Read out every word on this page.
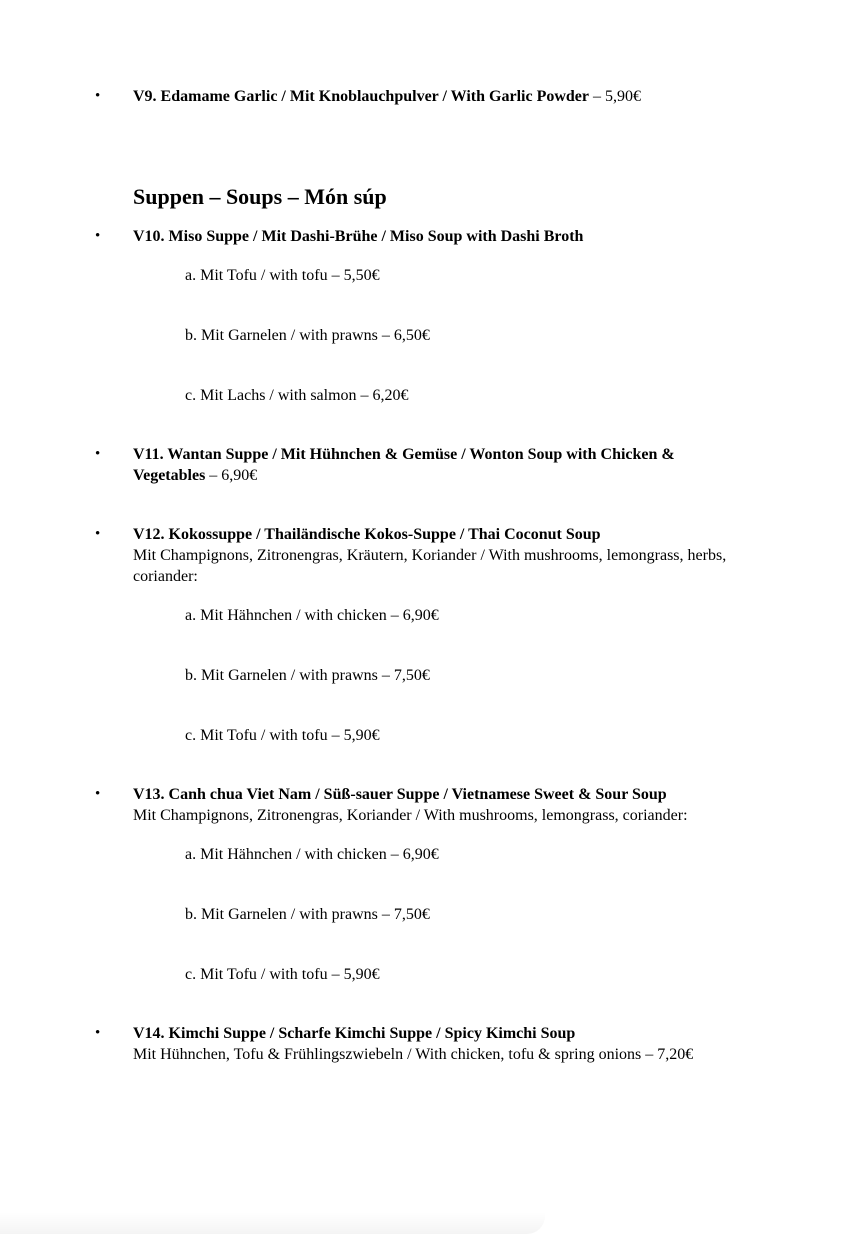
•	V9. Edamame Garlic / Mit Knoblauchpulver / With Garlic Powder – 5,90€
Suppen – Soups – Món súp
•	V10. Miso Suppe / Mit Dashi-Brühe / Miso Soup with Dashi Broth

a. Mit Tofu / with tofu – 5,50€

b. Mit Garnelen / with prawns – 6,50€

c. Mit Lachs / with salmon – 6,20€

•	V11. Wantan Suppe / Mit Hühnchen & Gemüse / Wonton Soup with Chicken &
Vegetables – 6,90€
•	V12. Kokossuppe / Thailändische Kokos-Suppe / Thai Coconut Soup
Mit Champignons, Zitronengras, Kräutern, Koriander / With mushrooms, lemongrass, herbs,
coriander:

a. Mit Hähnchen / with chicken – 6,90€

b. Mit Garnelen / with prawns – 7,50€

c. Mit Tofu / with tofu – 5,90€

•	V13. Canh chua Viet Nam / Süß-sauer Suppe / Vietnamese Sweet & Sour Soup
Mit Champignons, Zitronengras, Koriander / With mushrooms, lemongrass, coriander:

a. Mit Hähnchen / with chicken – 6,90€

b. Mit Garnelen / with prawns – 7,50€

c. Mit Tofu / with tofu – 5,90€

•	V14. Kimchi Suppe / Scharfe Kimchi Suppe / Spicy Kimchi Soup
Mit Hühnchen, Tofu & Frühlingszwiebeln / With chicken, tofu & spring onions – 7,20€
